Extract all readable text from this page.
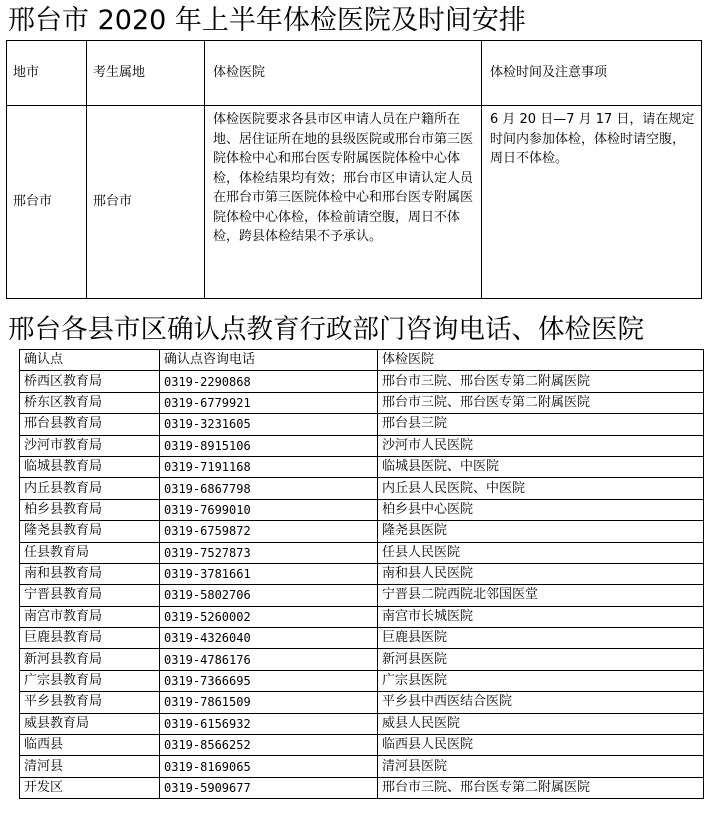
邢台市 2020 年上半年体检医院及时间安排
地市	考生属地	体检医院	体检时间及注意事项
邢台市	邢台市	体检医院要求各县市区申请人员在户籍所在地、居住证所在地的县级医院或邢台市第三医院体检中心和邢台医专附属医院体检中心体检，体检结果均有效；邢台市区申请认定人员在邢台市第三医院体检中心和邢台医专附属医院体检中心体检，体检前请空腹，周日不体检，跨县体检结果不予承认。	6 月 20 日—7 月 17 日，请在规定时间内参加体检，体检时请空腹，周日不体检。
邢台各县市区确认点教育行政部门咨询电话、体检医院
确认点	确认点咨询电话	体检医院
桥西区教育局	0319-2290868	邢台市三院、邢台医专第二附属医院
桥东区教育局	0319-6779921	邢台市三院、邢台医专第二附属医院
邢台县教育局	0319-3231605	邢台县三院
沙河市教育局	0319-8915106	沙河市人民医院
临城县教育局	0319-7191168	临城县医院、中医院
内丘县教育局	0319-6867798	内丘县人民医院、中医院
柏乡县教育局	0319-7699010	柏乡县中心医院
隆尧县教育局	0319-6759872	隆尧县医院
任县教育局	0319-7527873	任县人民医院
南和县教育局	0319-3781661	南和县人民医院
宁晋县教育局	0319-5802706	宁晋县二院西院北邻国医堂
南宫市教育局	0319-5260002	南宫市长城医院
巨鹿县教育局	0319-4326040	巨鹿县医院
新河县教育局	0319-4786176	新河县医院
广宗县教育局	0319-7366695	广宗县医院
平乡县教育局	0319-7861509	平乡县中西医结合医院
威县教育局	0319-6156932	威县人民医院
临西县	0319-8566252	临西县人民医院
清河县	0319-8169065	清河县医院
开发区	0319-5909677	邢台市三院、邢台医专第二附属医院
